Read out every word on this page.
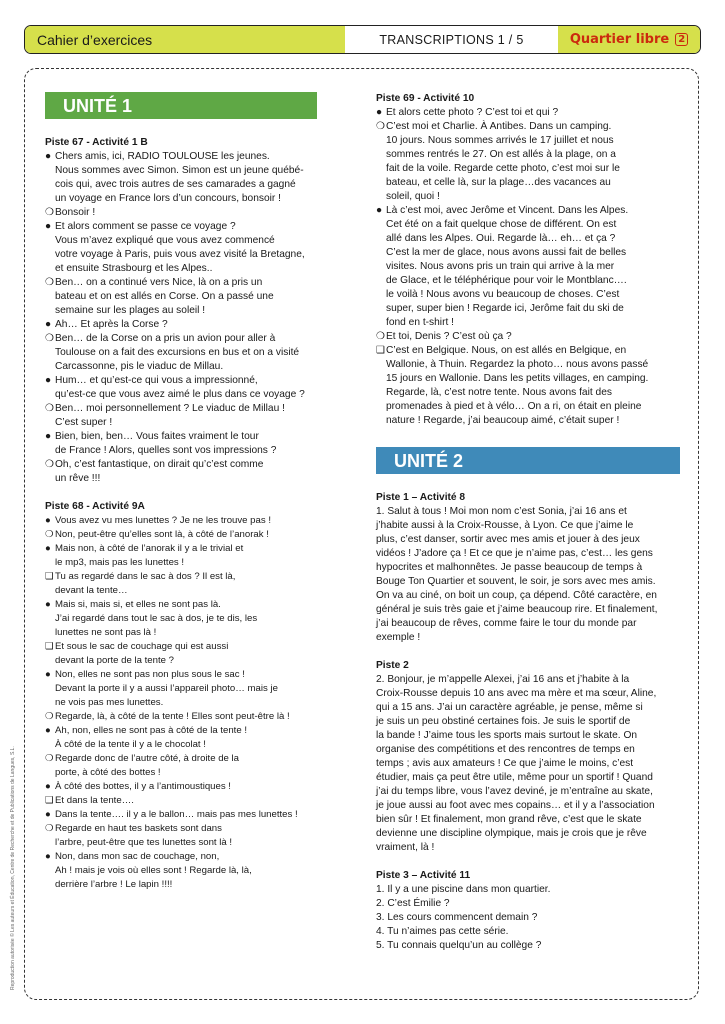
Cahier d’exercices	TRANSCRIPTIONS 1 / 5	Quartier libre 2
UNITÉ 1

Piste 67 - Activité 1 B

● Chers amis, ici, RADIO TOULOUSE les jeunes.

Nous sommes avec Simon. Simon est un jeune québé-

cois qui, avec trois autres de ses camarades a gagné

un voyage en France lors d’un concours, bonsoir !

❍Bonsoir !

● Et alors comment se passe ce voyage ?

Vous m’avez expliqué que vous avez commencé

votre voyage à Paris, puis vous avez visité la Bretagne,

et ensuite Strasbourg et les Alpes..

❍Ben… on a continué vers Nice, là on a pris un

bateau et on est allés en Corse. On a passé une

semaine sur les plages au soleil !

● Ah… Et après la Corse ?

❍Ben… de la Corse on a pris un avion pour aller à

Toulouse on a fait des excursions en bus et on a visité

Carcassonne, pis le viaduc de Millau.

● Hum… et qu’est-ce qui vous a impressionné,

qu’est-ce que vous avez aimé le plus dans ce voyage ?

❍Ben… moi personnellement ? Le viaduc de Millau !

C’est super !

● Bien, bien, ben… Vous faites vraiment le tour

de France ! Alors, quelles sont vos impressions ?

❍Oh, c’est fantastique, on dirait qu’c’est comme

un rêve !!!

Piste 68 - Activité 9A

● Vous avez vu mes lunettes ? Je ne les trouve pas !

❍Non, peut-être qu’elles sont là, à côté de l’anorak !

● Mais non, à côté de l’anorak il y a le trivial et

le mp3, mais pas les lunettes !

❑Tu as regardé dans le sac à dos ? Il est là,

devant la tente…

● Mais si, mais si, et elles ne sont pas là.

J’ai regardé dans tout le sac à dos, je te dis, les

lunettes ne sont pas là !

❑Et sous le sac de couchage qui est aussi

devant la porte de la tente ?

● Non, elles ne sont pas non plus sous le sac !

Devant la porte il y a aussi l’appareil photo… mais je

ne vois pas mes lunettes.

❍Regarde, là, à côté de la tente ! Elles sont peut-être là !

● Ah, non, elles ne sont pas à côté de la tente !

À côté de la tente il y a le chocolat !

❍Regarde donc de l’autre côté, à droite de la

porte, à côté des bottes !

● À côté des bottes, il y a l’antimoustiques !

❑Et dans la tente….

● Dans la tente…. il y a le ballon… mais pas mes lunettes !

❍Regarde en haut tes baskets sont dans

l’arbre, peut-être que tes lunettes sont là !

● Non, dans mon sac de couchage, non,

Ah ! mais je vois où elles sont ! Regarde là, là,

derrière l’arbre ! Le lapin !!!!

Piste 69 - Activité 10

● Et alors cette photo ? C’est toi et qui ?

❍C’est moi et Charlie. À Antibes. Dans un camping.

10 jours. Nous sommes arrivés le 17 juillet et nous

sommes rentrés le 27. On est allés à la plage, on a

fait de la voile. Regarde cette photo, c’est moi sur le

bateau, et celle là, sur la plage…des vacances au

soleil, quoi !

● Là c’est moi, avec Jerôme et Vincent. Dans les Alpes.

Cet été on a fait quelque chose de différent. On est

allé dans les Alpes. Oui. Regarde là… eh… et ça ?

C’est la mer de glace, nous avons aussi fait de belles

visites. Nous avons pris un train qui arrive à la mer

de Glace, et le téléphérique pour voir le Montblanc….

le voilà ! Nous avons vu beaucoup de choses. C’est

super, super bien ! Regarde ici, Jerôme fait du ski de

fond en t-shirt !

❍Et toi, Denis ? C’est où ça ?

❑C’est en Belgique. Nous, on est allés en Belgique, en

Wallonie, à Thuin. Regardez la photo… nous avons passé

15 jours en Wallonie. Dans les petits villages, en camping.

Regarde, là, c’est notre tente. Nous avons fait des

promenades à pied et à vélo… On a ri, on était en pleine

nature ! Regarde, j’ai beaucoup aimé, c’était super !

UNITÉ 2

Piste 1 – Activité 8

1. Salut à tous ! Moi mon nom c’est Sonia, j’ai 16 ans et

j’habite aussi à la Croix-Rousse, à Lyon. Ce que j’aime le

plus, c’est danser, sortir avec mes amis et jouer à des jeux

vidéos ! J’adore ça ! Et ce que je n’aime pas, c’est… les gens

hypocrites et malhonnêtes. Je passe beaucoup de temps à

Bouge Ton Quartier et souvent, le soir, je sors avec mes amis.

On va au ciné, on boit un coup, ça dépend. Côté caractère, en

général je suis très gaie et j’aime beaucoup rire. Et finalement,

j’ai beaucoup de rêves, comme faire le tour du monde par

exemple !

Piste 2

2. Bonjour, je m’appelle Alexei, j’ai 16 ans et j’habite à la

Croix-Rousse depuis 10 ans avec ma mère et ma sœur, Aline,

qui a 15 ans. J’ai un caractère agréable, je pense, même si

je suis un peu obstiné certaines fois. Je suis le sportif de

la bande ! J’aime tous les sports mais surtout le skate. On

organise des compétitions et des rencontres de temps en

temps ; avis aux amateurs ! Ce que j’aime le moins, c’est

étudier, mais ça peut être utile, même pour un sportif ! Quand

j’ai du temps libre, vous l’avez deviné, je m’entraîne au skate,

je joue aussi au foot avec mes copains… et il y a l’association

bien sûr ! Et finalement, mon grand rêve, c’est que le skate

devienne une discipline olympique, mais je crois que je rêve

vraiment, là !

Piste 3 – Activité 11

1. Il y a une piscine dans mon quartier.

2. C’est Émilie ?

3. Les cours commencent demain ?

4. Tu n’aimes pas cette série.

5. Tu connais quelqu’un au collège ?

Reproduction autorisée © Les auteurs et Éducation, Centre de Recherche et de Publications de Langues, S.L.
